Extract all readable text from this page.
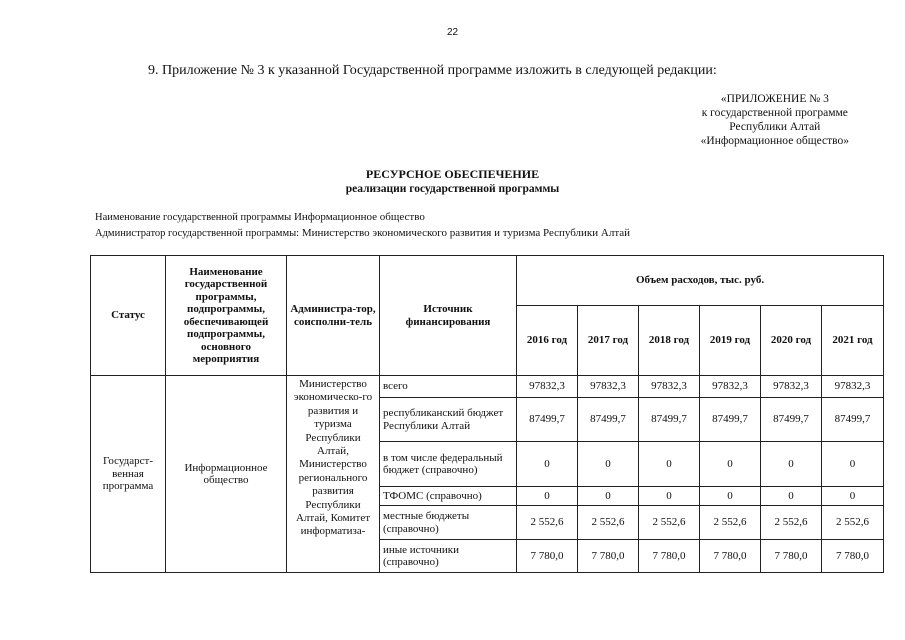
22
9. Приложение № 3 к указанной Государственной программе изложить в следующей редакции:
«ПРИЛОЖЕНИЕ № 3
к государственной программе
Республики Алтай
«Информационное общество»
РЕСУРСНОЕ ОБЕСПЕЧЕНИЕ
реализации государственной программы
Наименование государственной программы Информационное общество
Администратор государственной программы: Министерство экономического развития и туризма Республики Алтай
Статус	Наименование государственной программы, подпрограммы, обеспечивающей подпрограммы, основного мероприятия	Администра-тор, соисполни-тель	Источник финансирования	Объем расходов, тыс. руб.					
				2016 год	2017 год	2018 год	2019 год	2020 год	2021 год
Государст-венная программа	Информационное общество	Министерство экономическо-го развития и туризма Республики Алтай, Министерство регионального развития Республики Алтай, Комитет информатиза-	всего	97832,3	97832,3	97832,3	97832,3	97832,3	97832,3
			республиканский бюджет Республики Алтай	87499,7	87499,7	87499,7	87499,7	87499,7	87499,7
			в том числе федеральный бюджет (справочно)	0	0	0	0	0	0
			ТФОМС (справочно)	0	0	0	0	0	0
			местные бюджеты (справочно)	2 552,6	2 552,6	2 552,6	2 552,6	2 552,6	2 552,6
			иные источники (справочно)	7 780,0	7 780,0	7 780,0	7 780,0	7 780,0	7 780,0
